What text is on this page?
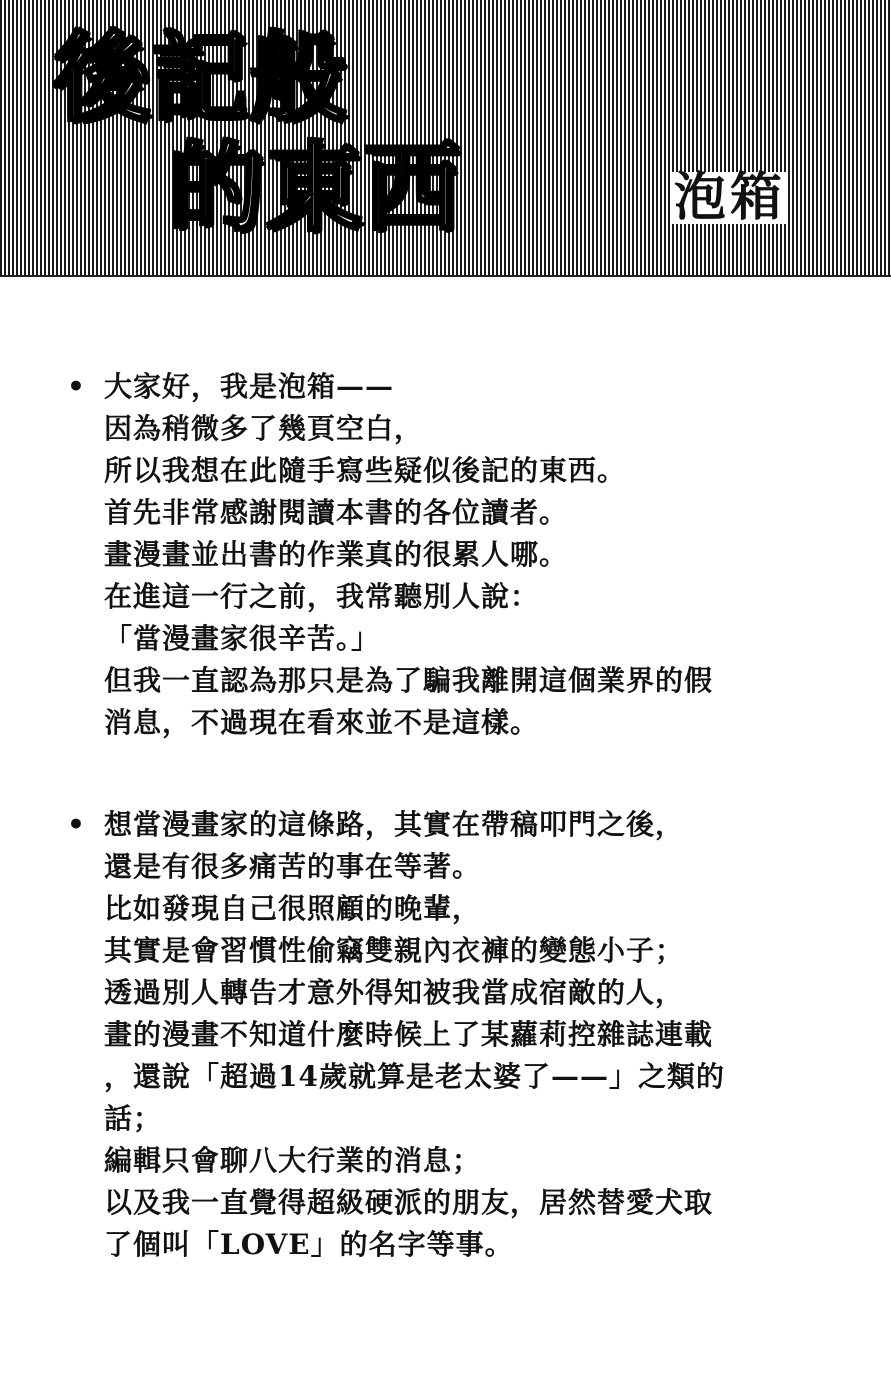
後記般
的東西	泡箱
• 大家好，我是泡箱——
因為稍微多了幾頁空白，
所以我想在此隨手寫些疑似後記的東西。
首先非常感謝閱讀本書的各位讀者。
畫漫畫並出書的作業真的很累人哪。
在進這一行之前，我常聽別人說：
「當漫畫家很辛苦。」
但我一直認為那只是為了騙我離開這個業界的假
消息，不過現在看來並不是這樣。
• 想當漫畫家的這條路，其實在帶稿叩門之後，
還是有很多痛苦的事在等著。
比如發現自己很照顧的晚輩，
其實是會習慣性偷竊雙親內衣褲的變態小子；
透過別人轉告才意外得知被我當成宿敵的人，
畫的漫畫不知道什麼時候上了某蘿莉控雜誌連載
，還說「超過14歲就算是老太婆了——」之類的
話；
編輯只會聊八大行業的消息；
以及我一直覺得超級硬派的朋友，居然替愛犬取
了個叫「LOVE」的名字等事。
